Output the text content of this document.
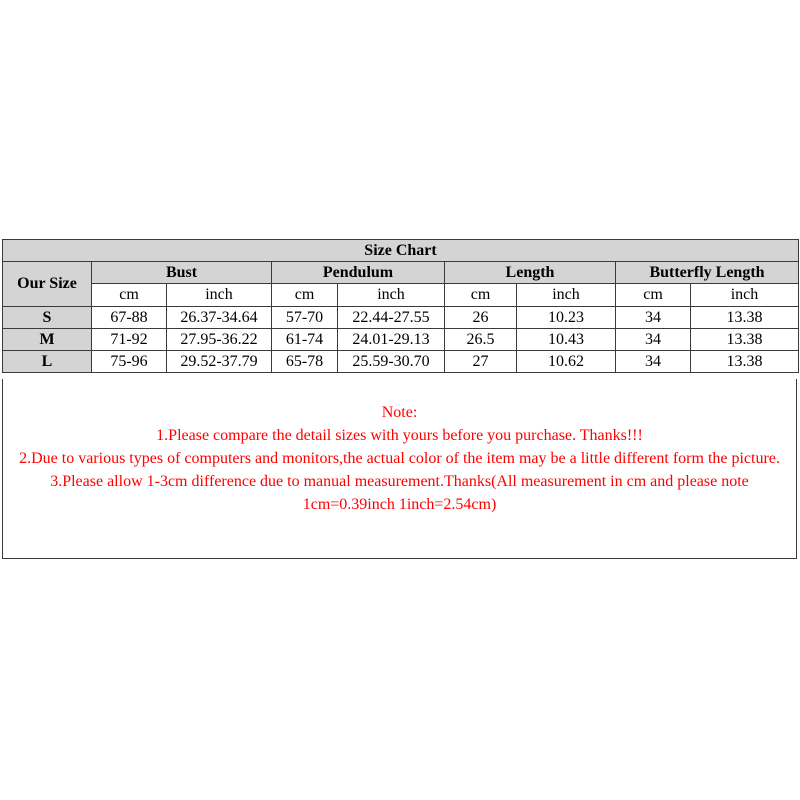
Size Chart								
Our Size	Bust		Pendulum		Length		Butterfly Length	
	cm	inch	cm	inch	cm	inch	cm	inch
S	67-88	26.37-34.64	57-70	22.44-27.55	26	10.23	34	13.38
M	71-92	27.95-36.22	61-74	24.01-29.13	26.5	10.43	34	13.38
L	75-96	29.52-37.79	65-78	25.59-30.70	27	10.62	34	13.38
Note:
1.Please compare the detail sizes with yours before you purchase. Thanks!!!
2.Due to various types of computers and monitors,the actual color of the item may be a little different form the picture.
3.Please allow 1-3cm difference due to manual measurement.Thanks(All measurement in cm and please note 1cm=0.39inch 1inch=2.54cm)
